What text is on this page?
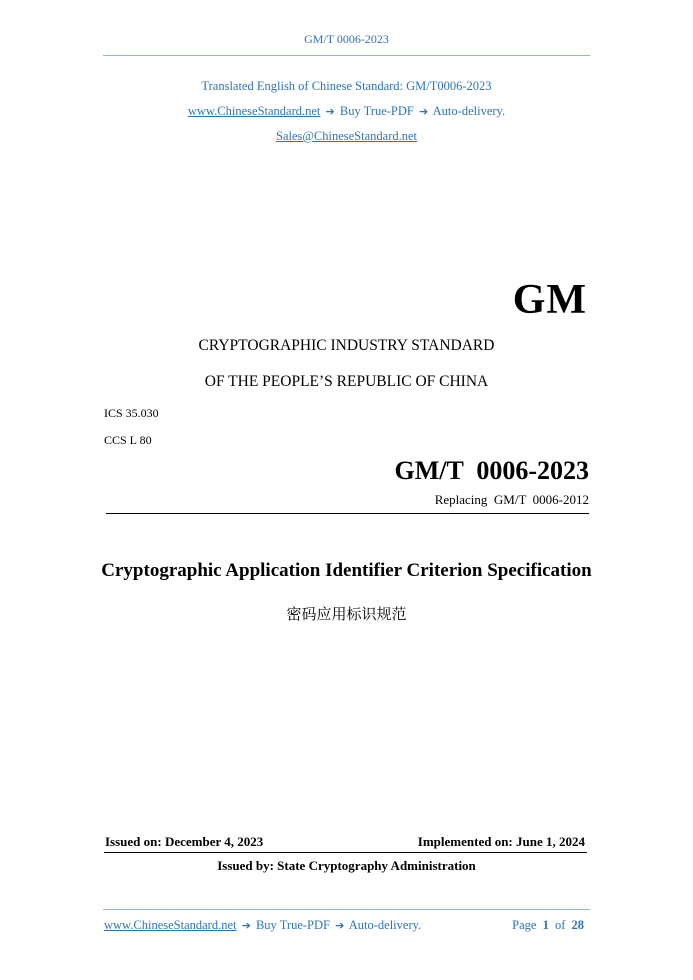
GM/T 0006-2023
Translated English of Chinese Standard: GM/T0006-2023
www.ChineseStandard.net ➔ Buy True-PDF ➔ Auto-delivery.
Sales@ChineseStandard.net
GM
CRYPTOGRAPHIC INDUSTRY STANDARD
OF THE PEOPLE’S REPUBLIC OF CHINA
ICS 35.030
CCS L 80
GM/T  0006-2023
Replacing  GM/T  0006-2012
Cryptographic Application Identifier Criterion Specification
密码应用标识规范
Issued on: December 4, 2023	Implemented on: June 1, 2024
Issued by: State Cryptography Administration
www.ChineseStandard.net ➔ Buy True-PDF ➔ Auto-delivery.	Page 1 of 28
